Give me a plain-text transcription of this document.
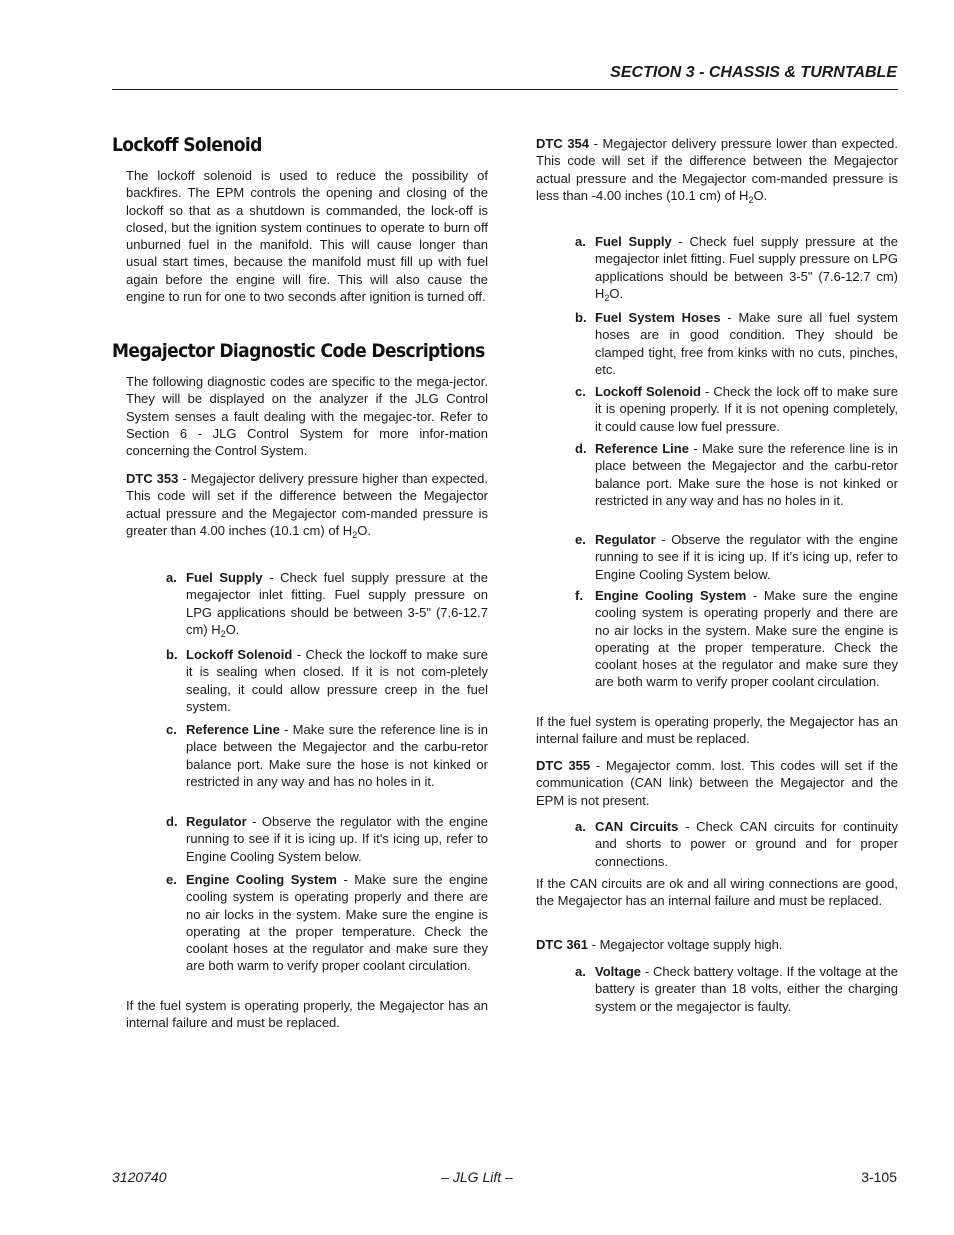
SECTION 3 - CHASSIS & TURNTABLE
Lockoff Solenoid

The lockoff solenoid is used to reduce the possibility of backfires. The EPM controls the opening and closing of the lockoff so that as a shutdown is commanded, the lock-off is closed, but the ignition system continues to operate to burn off unburned fuel in the manifold. This will cause longer than usual start times, because the manifold must fill up with fuel again before the engine will fire. This will also cause the engine to run for one to two seconds after ignition is turned off.

Megajector Diagnostic Code Descriptions

The following diagnostic codes are specific to the mega-jector. They will be displayed on the analyzer if the JLG Control System senses a fault dealing with the megajec-tor. Refer to Section 6 - JLG Control System for more infor-mation concerning the Control System.

DTC 353 - Megajector delivery pressure higher than expected. This code will set if the difference between the Megajector actual pressure and the Megajector com-manded pressure is greater than 4.00 inches (10.1 cm) of $H_2O$.

a. Fuel Supply - Check fuel supply pressure at the megajector inlet fitting. Fuel supply pressure on LPG applications should be between 3-5" (7.6-12.7 cm) $H_2O$.
b. Lockoff Solenoid - Check the lockoff to make sure it is sealing when closed. If it is not com-pletely sealing, it could allow pressure creep in the fuel system.
c. Reference Line - Make sure the reference line is in place between the Megajector and the carbu-retor balance port. Make sure the hose is not kinked or restricted in any way and has no holes in it.
d. Regulator - Observe the regulator with the engine running to see if it is icing up. If it’s icing up, refer to Engine Cooling System below.
e. Engine Cooling System - Make sure the engine cooling system is operating properly and there are no air locks in the system. Make sure the engine is operating at the proper temperature. Check the coolant hoses at the regulator and make sure they are both warm to verify proper coolant circulation.

If the fuel system is operating properly, the Megajector has an internal failure and must be replaced.

DTC 354 - Megajector delivery pressure lower than expected. This code will set if the difference between the Megajector actual pressure and the Megajector com-manded pressure is less than -4.00 inches (10.1 cm) of $H_2O$.

a. Fuel Supply - Check fuel supply pressure at the megajector inlet fitting. Fuel supply pressure on LPG applications should be between 3-5" (7.6-12.7 cm) $H_2O$.
b. Fuel System Hoses - Make sure all fuel system hoses are in good condition. They should be clamped tight, free from kinks with no cuts, pinches, etc.
c. Lockoff Solenoid - Check the lock off to make sure it is opening properly. If it is not opening completely, it could cause low fuel pressure.
d. Reference Line - Make sure the reference line is in place between the Megajector and the carbu-retor balance port. Make sure the hose is not kinked or restricted in any way and has no holes in it.
e. Regulator - Observe the regulator with the engine running to see if it is icing up. If it’s icing up, refer to Engine Cooling System below.
f. Engine Cooling System - Make sure the engine cooling system is operating properly and there are no air locks in the system. Make sure the engine is operating at the proper temperature. Check the coolant hoses at the regulator and make sure they are both warm to verify proper coolant circulation.

If the fuel system is operating properly, the Megajector has an internal failure and must be replaced.

DTC 355 - Megajector comm. lost. This codes will set if the communication (CAN link) between the Megajector and the EPM is not present.

a. CAN Circuits - Check CAN circuits for continuity and shorts to power or ground and for proper connections.

If the CAN circuits are ok and all wiring connections are good, the Megajector has an internal failure and must be replaced.

DTC 361 - Megajector voltage supply high.

a. Voltage - Check battery voltage. If the voltage at the battery is greater than 18 volts, either the charging system or the megajector is faulty.
– JLG Lift –
3120740	3-105
